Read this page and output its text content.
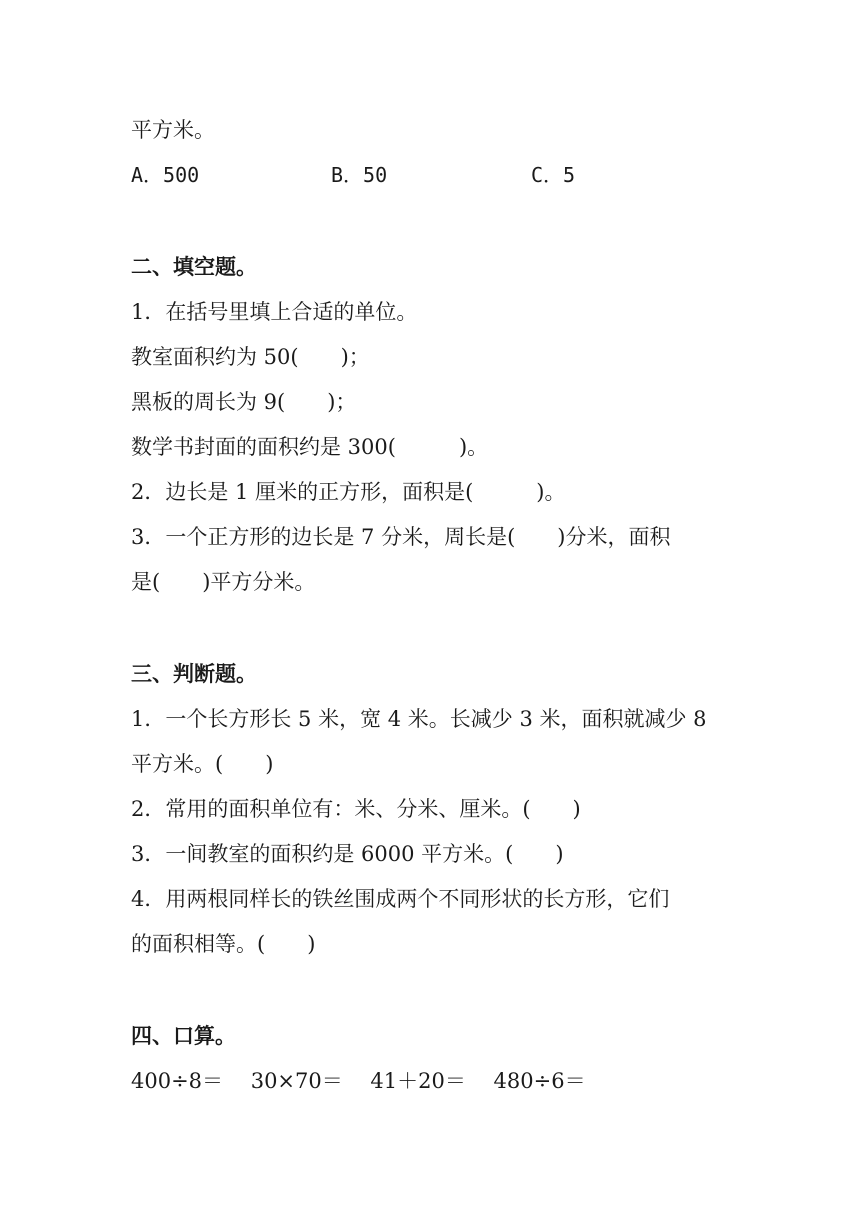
平方米。
A．500	B．50	C．5
二、填空题。
1．在括号里填上合适的单位。
教室面积约为 50(　　)；
黑板的周长为 9(　　)；
数学书封面的面积约是 300(　　　)。
2．边长是 1 厘米的正方形，面积是(　　　)。
3．一个正方形的边长是 7 分米，周长是(　　)分米，面积
是(　　)平方分米。
三、判断题。
1．一个长方形长 5 米，宽 4 米。长减少 3 米，面积就减少 8
平方米。(　　)
2．常用的面积单位有：米、分米、厘米。(　　)
3．一间教室的面积约是 6000 平方米。(　　)
4．用两根同样长的铁丝围成两个不同形状的长方形，它们
的面积相等。(　　)
四、口算。
400÷8＝　 30×70＝　 41＋20＝　 480÷6＝
